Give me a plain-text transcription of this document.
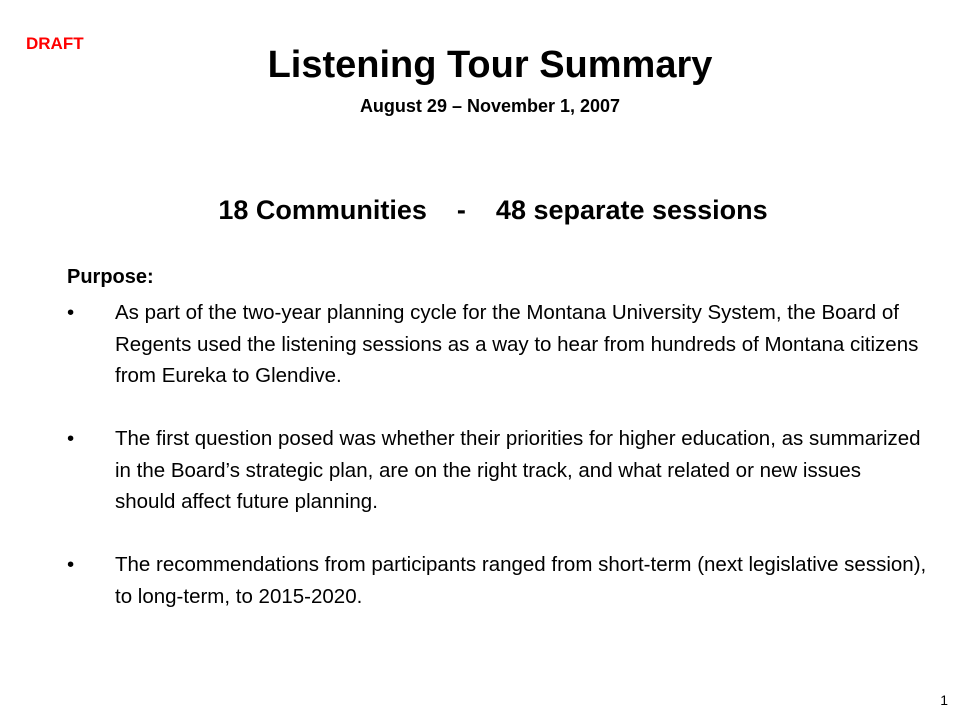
DRAFT
Listening Tour Summary
August 29 – November 1, 2007
18 Communities    -    48 separate sessions
Purpose:
•	As part of the two-year planning cycle for the Montana University System, the Board of Regents used the listening sessions as a way to hear from hundreds of Montana citizens from Eureka to Glendive.
•	The first question posed was whether their priorities for higher education, as summarized in the Board’s strategic plan, are on the right track, and what related or new issues should affect future planning.
•	The recommendations from participants ranged from short-term (next legislative session), to long-term, to 2015-2020.
1
